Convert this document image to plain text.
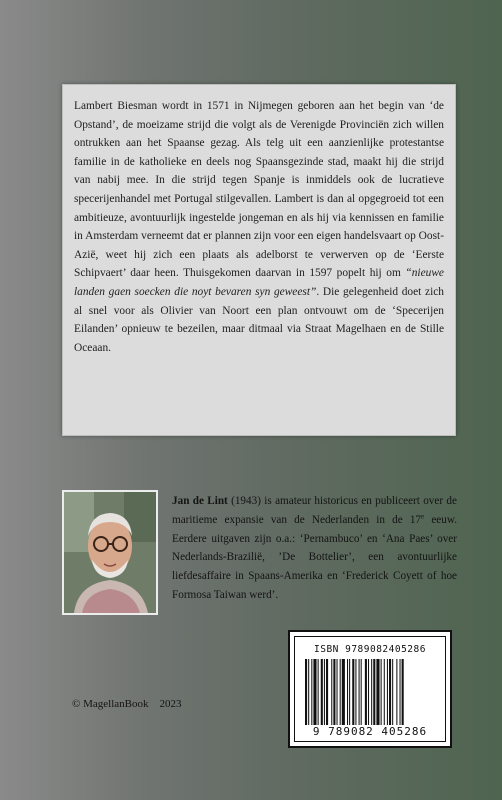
Lambert Biesman wordt in 1571 in Nijmegen geboren aan het begin van ‘de Opstand’, de moeizame strijd die volgt als de Verenigde Provinciën zich willen ontrukken aan het Spaanse gezag. Als telg uit een aanzienlijke protestantse familie in de katholieke en deels nog Spaansgezinde stad, maakt hij die strijd van nabij mee. In die strijd tegen Spanje is inmiddels ook de lucratieve specerijenhandel met Portugal stilgevallen. Lambert is dan al opgegroeid tot een ambitieuze, avontuurlijk ingestelde jongeman en als hij via kennissen en familie in Amsterdam verneemt dat er plannen zijn voor een eigen handelsvaart op Oost-Azië, weet hij zich een plaats als adelborst te verwerven op de ‘Eerste Schipvaert’ daar heen. Thuisgekomen daarvan in 1597 popelt hij om “nieuwe landen gaen soecken die noyt bevaren syn geweest”. Die gelegenheid doet zich al snel voor als Olivier van Noort een plan ontvouwt om de ‘Specerijen Eilanden’ opnieuw te bezeilen, maar ditmaal via Straat Magelhaen en de Stille Oceaan.
Jan de Lint (1943) is amateur historicus en publiceert over de maritieme expansie van de Nederlanden in de 17e eeuw. Eerdere uitgaven zijn o.a.: ‘Pernambuco’ en ‘Ana Paes’ over Nederlands-Brazilië, ’De Bottelier’, een avontuurlijke liefdesaffaire in Spaans-Amerika en ‘Frederick Coyett of hoe Formosa Taiwan werd’.
© MagellanBook    2023
ISBN 9789082405286
9 789082 405286
